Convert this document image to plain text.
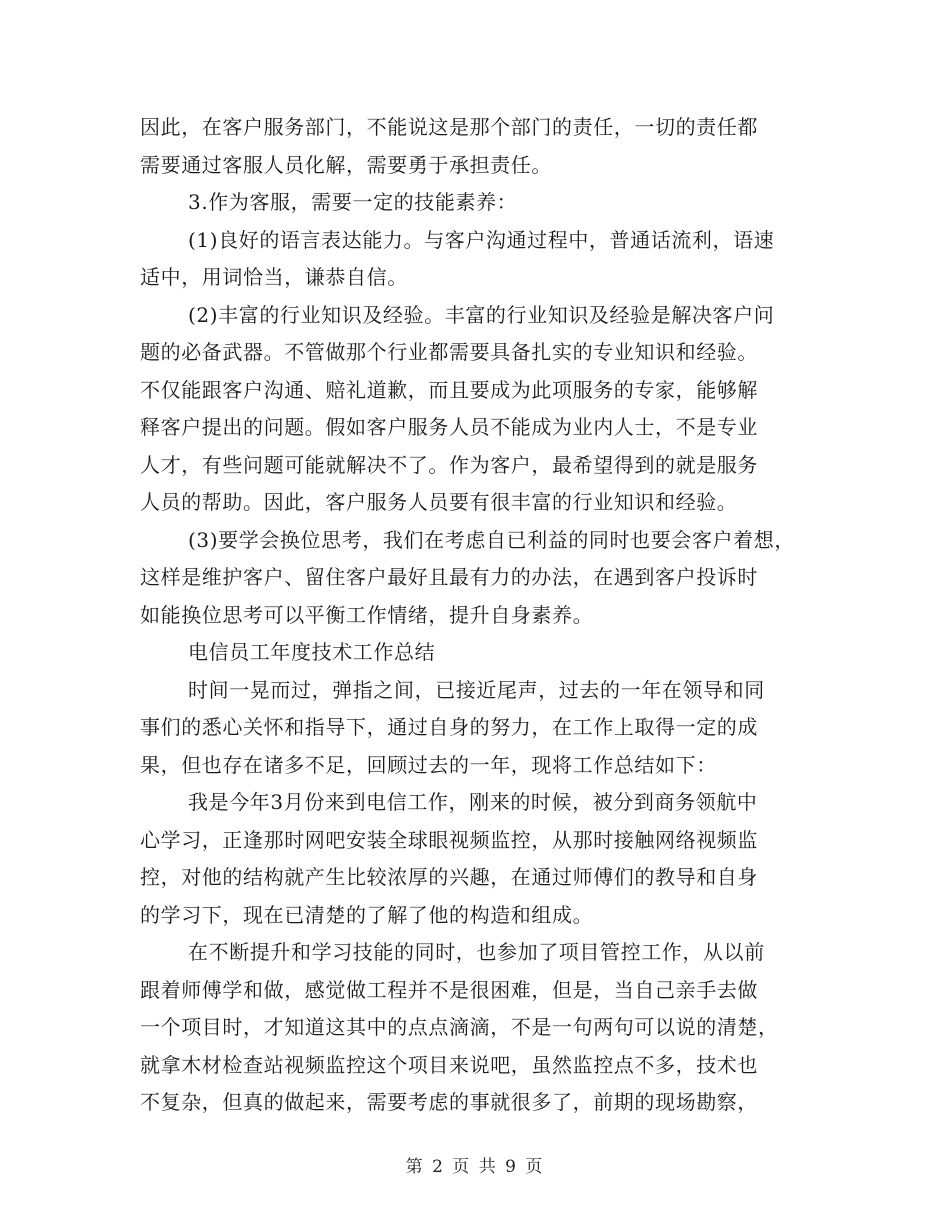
因此，在客户服务部门，不能说这是那个部门的责任，一切的责任都
需要通过客服人员化解，需要勇于承担责任。
3.作为客服，需要一定的技能素养：
(1)良好的语言表达能力。与客户沟通过程中，普通话流利，语速
适中，用词恰当，谦恭自信。
(2)丰富的行业知识及经验。丰富的行业知识及经验是解决客户问
题的必备武器。不管做那个行业都需要具备扎实的专业知识和经验。
不仅能跟客户沟通、赔礼道歉，而且要成为此项服务的专家，能够解
释客户提出的问题。假如客户服务人员不能成为业内人士，不是专业
人才，有些问题可能就解决不了。作为客户，最希望得到的就是服务
人员的帮助。因此，客户服务人员要有很丰富的行业知识和经验。
(3)要学会换位思考，我们在考虑自已利益的同时也要会客户着想，
这样是维护客户、留住客户最好且最有力的办法，在遇到客户投诉时
如能换位思考可以平衡工作情绪，提升自身素养。
电信员工年度技术工作总结
时间一晃而过，弹指之间，已接近尾声，过去的一年在领导和同
事们的悉心关怀和指导下，通过自身的努力，在工作上取得一定的成
果，但也存在诸多不足，回顾过去的一年，现将工作总结如下：
我是今年3月份来到电信工作，刚来的时候，被分到商务领航中
心学习，正逢那时网吧安装全球眼视频监控，从那时接触网络视频监
控，对他的结构就产生比较浓厚的兴趣，在通过师傅们的教导和自身
的学习下，现在已清楚的了解了他的构造和组成。
在不断提升和学习技能的同时，也参加了项目管控工作，从以前
跟着师傅学和做，感觉做工程并不是很困难，但是，当自己亲手去做
一个项目时，才知道这其中的点点滴滴，不是一句两句可以说的清楚，
就拿木材检查站视频监控这个项目来说吧，虽然监控点不多，技术也
不复杂，但真的做起来，需要考虑的事就很多了，前期的现场勘察，
第 2 页 共 9 页
